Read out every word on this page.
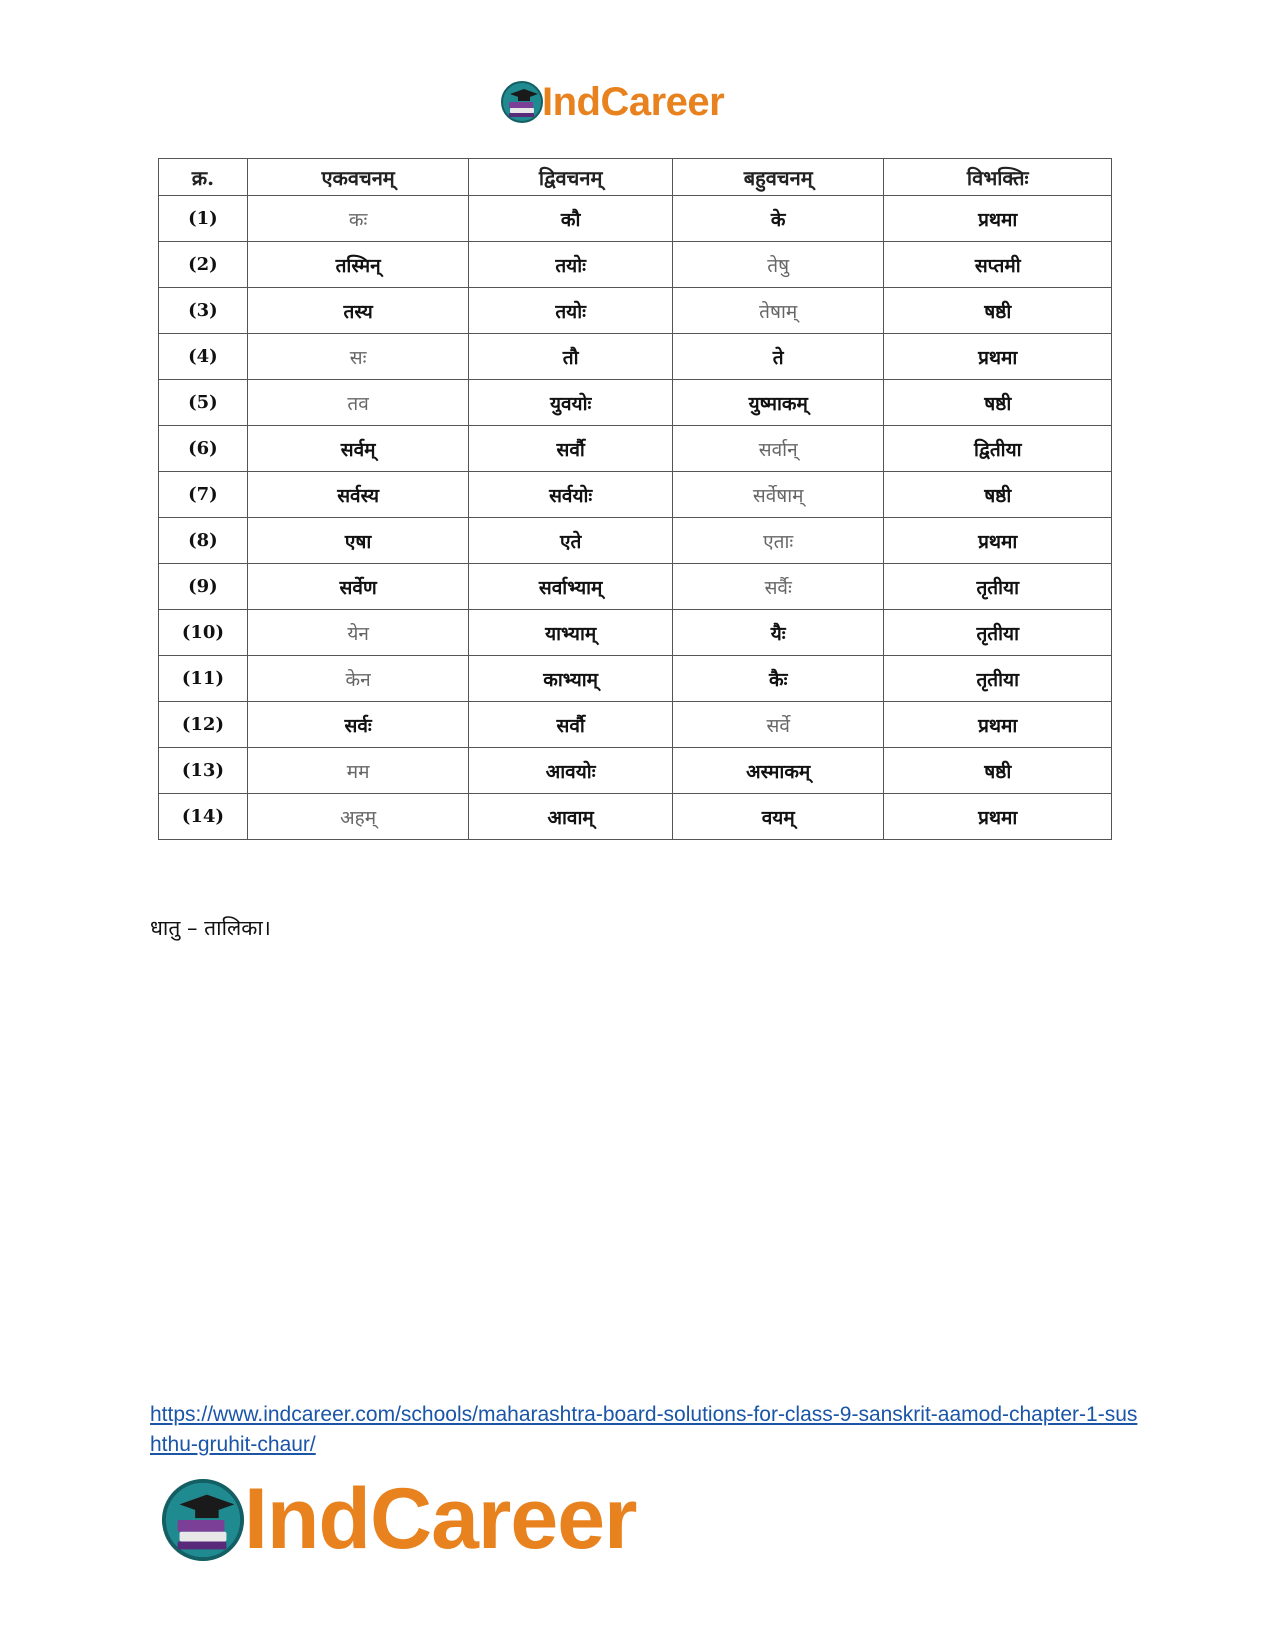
IndCareer
क्र.	एकवचनम्	द्विवचनम्	बहुवचनम्	विभक्तिः
(1)	कः	कौ	के	प्रथमा
(2)	तस्मिन्	तयोः	तेषु	सप्तमी
(3)	तस्य	तयोः	तेषाम्	षष्ठी
(4)	सः	तौ	ते	प्रथमा
(5)	तव	युवयोः	युष्माकम्	षष्ठी
(6)	सर्वम्	सर्वौ	सर्वान्	द्वितीया
(7)	सर्वस्य	सर्वयोः	सर्वेषाम्	षष्ठी
(8)	एषा	एते	एताः	प्रथमा
(9)	सर्वेण	सर्वाभ्याम्	सर्वैः	तृतीया
(10)	येन	याभ्याम्	यैः	तृतीया
(11)	केन	काभ्याम्	कैः	तृतीया
(12)	सर्वः	सर्वौ	सर्वे	प्रथमा
(13)	मम	आवयोः	अस्माकम्	षष्ठी
(14)	अहम्	आवाम्	वयम्	प्रथमा
धातु – तालिका।
https://www.indcareer.com/schools/maharashtra-board-solutions-for-class-9-sanskrit-aamod-chapter-1-sushthu-gruhit-chaur/
IndCareer
